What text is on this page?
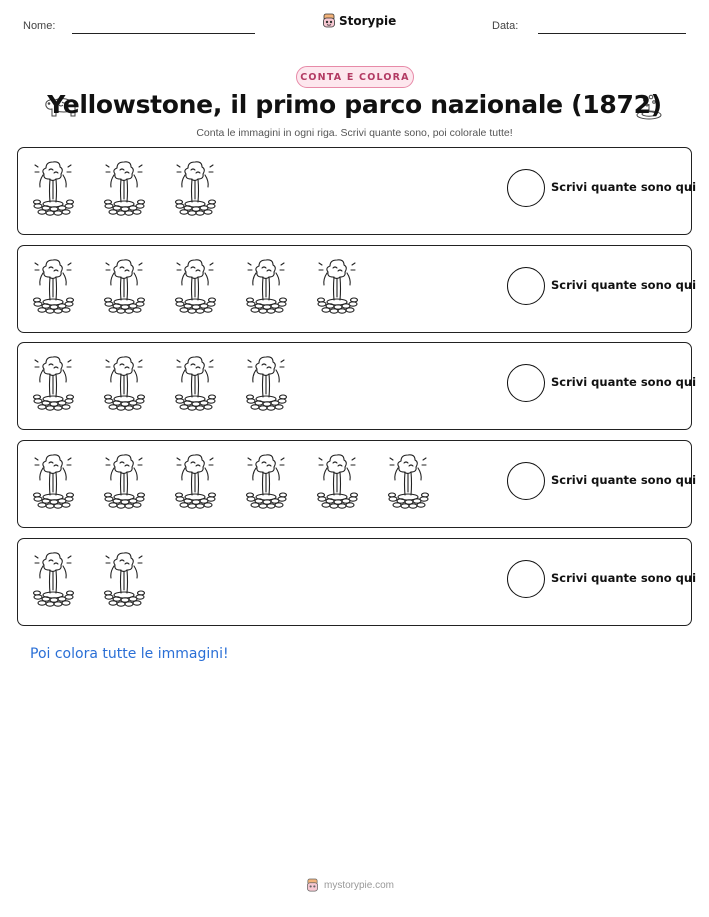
Nome:	Storypie	Data:
CONTA E COLORA
Yellowstone, il primo parco nazionale (1872)
Conta le immagini in ogni riga. Scrivi quante sono, poi colorale tutte!
Scrivi quante sono qui
Scrivi quante sono qui
Scrivi quante sono qui
Scrivi quante sono qui
Scrivi quante sono qui
Poi colora tutte le immagini!
mystorypie.com
